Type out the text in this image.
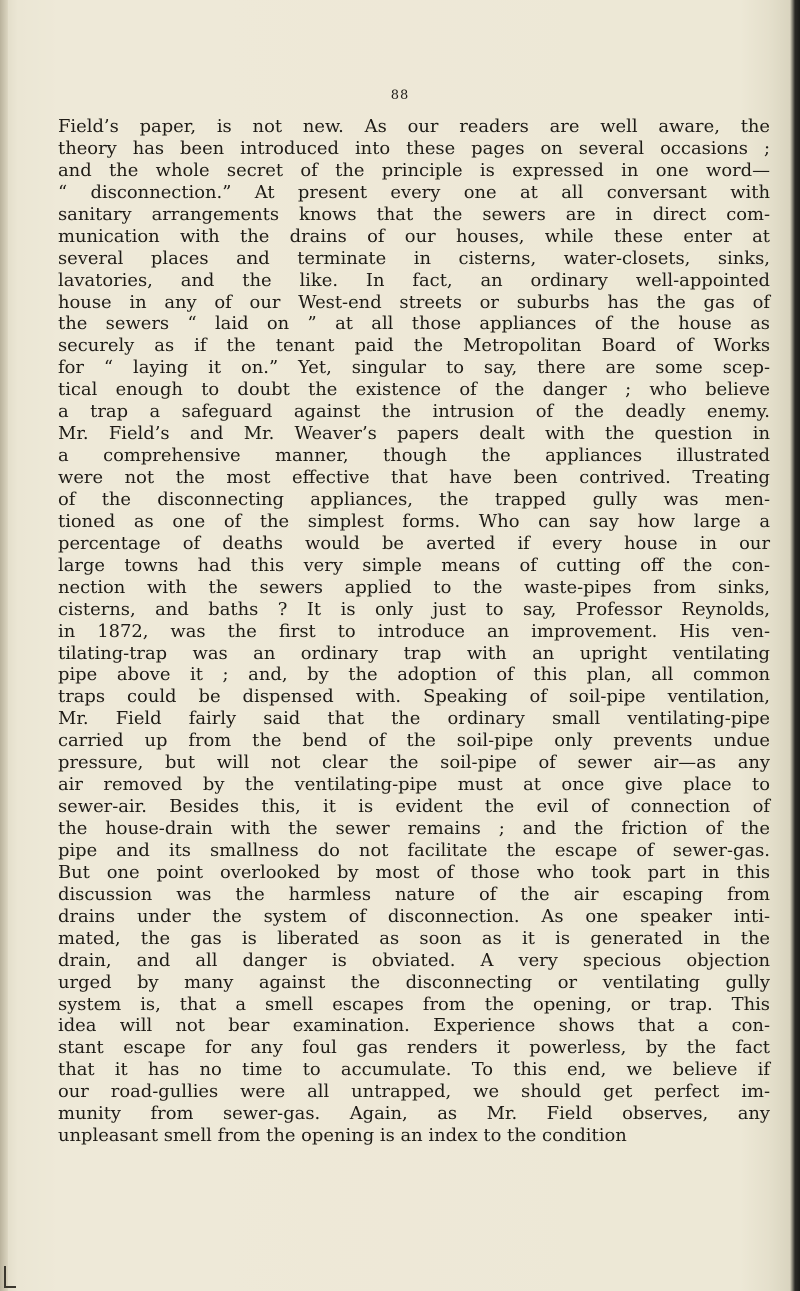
88
Field’s paper, is not new. As our readers are well aware, the
theory has been introduced into these pages on several occasions ;
and the whole secret of the principle is expressed in one word—
“ disconnection.” At present every one at all conversant with
sanitary arrangements knows that the sewers are in direct com-
munication with the drains of our houses, while these enter at
several places and terminate in cisterns, water-closets, sinks,
lavatories, and the like. In fact, an ordinary well-appointed
house in any of our West-end streets or suburbs has the gas of
the sewers “ laid on ” at all those appliances of the house as
securely as if the tenant paid the Metropolitan Board of Works
for “ laying it on.” Yet, singular to say, there are some scep-
tical enough to doubt the existence of the danger ; who believe
a trap a safeguard against the intrusion of the deadly enemy.
Mr. Field’s and Mr. Weaver’s papers dealt with the question in
a comprehensive manner, though the appliances illustrated
were not the most effective that have been contrived. Treating
of the disconnecting appliances, the trapped gully was men-
tioned as one of the simplest forms. Who can say how large a
percentage of deaths would be averted if every house in our
large towns had this very simple means of cutting off the con-
nection with the sewers applied to the waste-pipes from sinks,
cisterns, and baths ? It is only just to say, Professor Reynolds,
in 1872, was the first to introduce an improvement. His ven-
tilating-trap was an ordinary trap with an upright ventilating
pipe above it ; and, by the adoption of this plan, all common
traps could be dispensed with. Speaking of soil-pipe ventilation,
Mr. Field fairly said that the ordinary small ventilating-pipe
carried up from the bend of the soil-pipe only prevents undue
pressure, but will not clear the soil-pipe of sewer air—as any
air removed by the ventilating-pipe must at once give place to
sewer-air. Besides this, it is evident the evil of connection of
the house-drain with the sewer remains ; and the friction of the
pipe and its smallness do not facilitate the escape of sewer-gas.
But one point overlooked by most of those who took part in this
discussion was the harmless nature of the air escaping from
drains under the system of disconnection. As one speaker inti-
mated, the gas is liberated as soon as it is generated in the
drain, and all danger is obviated. A very specious objection
urged by many against the disconnecting or ventilating gully
system is, that a smell escapes from the opening, or trap. This
idea will not bear examination. Experience shows that a con-
stant escape for any foul gas renders it powerless, by the fact
that it has no time to accumulate. To this end, we believe if
our road-gullies were all untrapped, we should get perfect im-
munity from sewer-gas. Again, as Mr. Field observes, any
unpleasant smell from the opening is an index to the condition
